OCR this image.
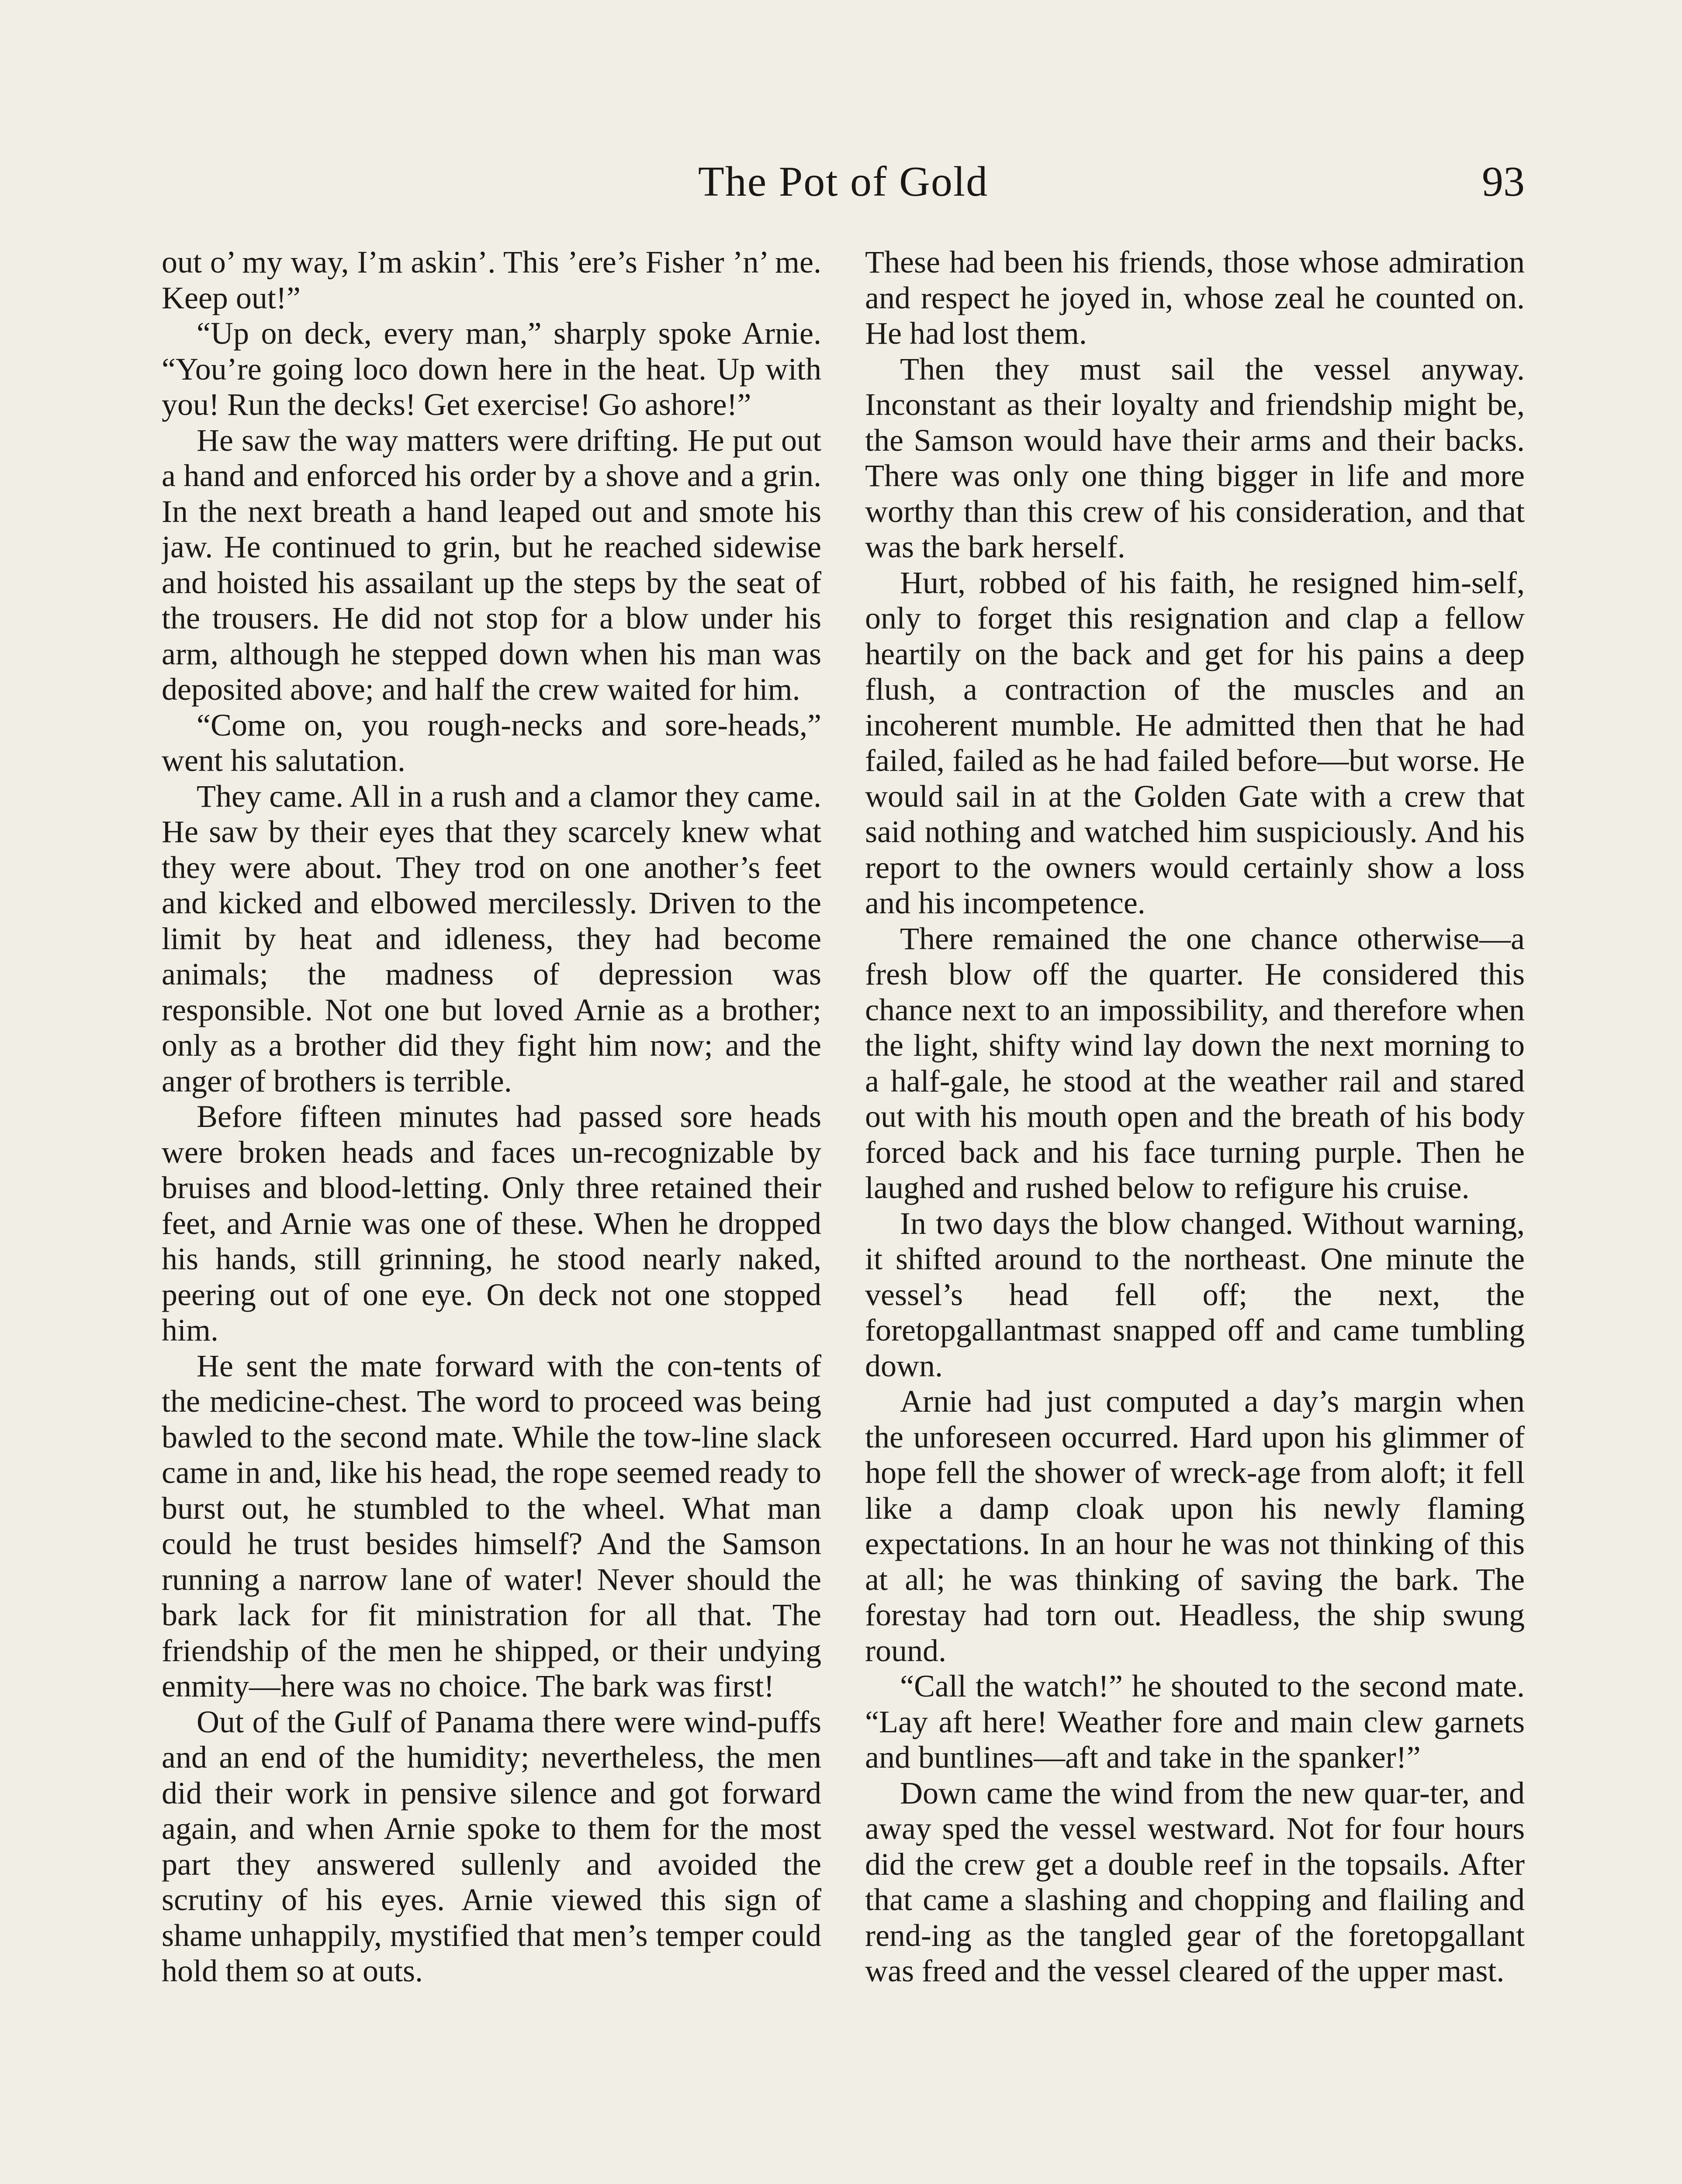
The Pot of Gold	93

out o’ my way, I’m askin’. This ’ere’s Fisher ’n’ me. Keep out!”

“Up on deck, every man,” sharply spoke Arnie. “You’re going loco down here in the heat. Up with you! Run the decks! Get exercise! Go ashore!”

He saw the way matters were drifting. He put out a hand and enforced his order by a shove and a grin. In the next breath a hand leaped out and smote his jaw. He continued to grin, but he reached sidewise and hoisted his assailant up the steps by the seat of the trousers. He did not stop for a blow under his arm, although he stepped down when his man was deposited above; and half the crew waited for him.

“Come on, you rough-necks and sore-heads,” went his salutation.

They came. All in a rush and a clamor they came. He saw by their eyes that they scarcely knew what they were about. They trod on one another’s feet and kicked and elbowed mercilessly. Driven to the limit by heat and idleness, they had become animals; the madness of depression was responsible. Not one but loved Arnie as a brother; only as a brother did they fight him now; and the anger of brothers is terrible.

Before fifteen minutes had passed sore heads were broken heads and faces un-recognizable by bruises and blood-letting. Only three retained their feet, and Arnie was one of these. When he dropped his hands, still grinning, he stood nearly naked, peering out of one eye. On deck not one stopped him.

He sent the mate forward with the con-tents of the medicine-chest. The word to proceed was being bawled to the second mate. While the tow-line slack came in and, like his head, the rope seemed ready to burst out, he stumbled to the wheel. What man could he trust besides himself? And the Samson running a narrow lane of water! Never should the bark lack for fit ministration for all that. The friendship of the men he shipped, or their undying enmity—here was no choice. The bark was first!

Out of the Gulf of Panama there were wind-puffs and an end of the humidity; nevertheless, the men did their work in pensive silence and got forward again, and when Arnie spoke to them for the most part they answered sullenly and avoided the scrutiny of his eyes. Arnie viewed this sign of shame unhappily, mystified that men’s temper could hold them so at outs.

These had been his friends, those whose admiration and respect he joyed in, whose zeal he counted on. He had lost them.

Then they must sail the vessel anyway. Inconstant as their loyalty and friendship might be, the Samson would have their arms and their backs. There was only one thing bigger in life and more worthy than this crew of his consideration, and that was the bark herself.

Hurt, robbed of his faith, he resigned him-self, only to forget this resignation and clap a fellow heartily on the back and get for his pains a deep flush, a contraction of the muscles and an incoherent mumble. He admitted then that he had failed, failed as he had failed before—but worse. He would sail in at the Golden Gate with a crew that said nothing and watched him suspiciously. And his report to the owners would certainly show a loss and his incompetence.

There remained the one chance otherwise—a fresh blow off the quarter. He considered this chance next to an impossibility, and therefore when the light, shifty wind lay down the next morning to a half-gale, he stood at the weather rail and stared out with his mouth open and the breath of his body forced back and his face turning purple. Then he laughed and rushed below to refigure his cruise.

In two days the blow changed. Without warning, it shifted around to the northeast. One minute the vessel’s head fell off; the next, the foretopgallantmast snapped off and came tumbling down.

Arnie had just computed a day’s margin when the unforeseen occurred. Hard upon his glimmer of hope fell the shower of wreck-age from aloft; it fell like a damp cloak upon his newly flaming expectations. In an hour he was not thinking of this at all; he was thinking of saving the bark. The forestay had torn out. Headless, the ship swung round.

“Call the watch!” he shouted to the second mate. “Lay aft here! Weather fore and main clew garnets and buntlines—aft and take in the spanker!”

Down came the wind from the new quar-ter, and away sped the vessel westward. Not for four hours did the crew get a double reef in the topsails. After that came a slashing and chopping and flailing and rend-ing as the tangled gear of the foretopgallant was freed and the vessel cleared of the upper mast.
